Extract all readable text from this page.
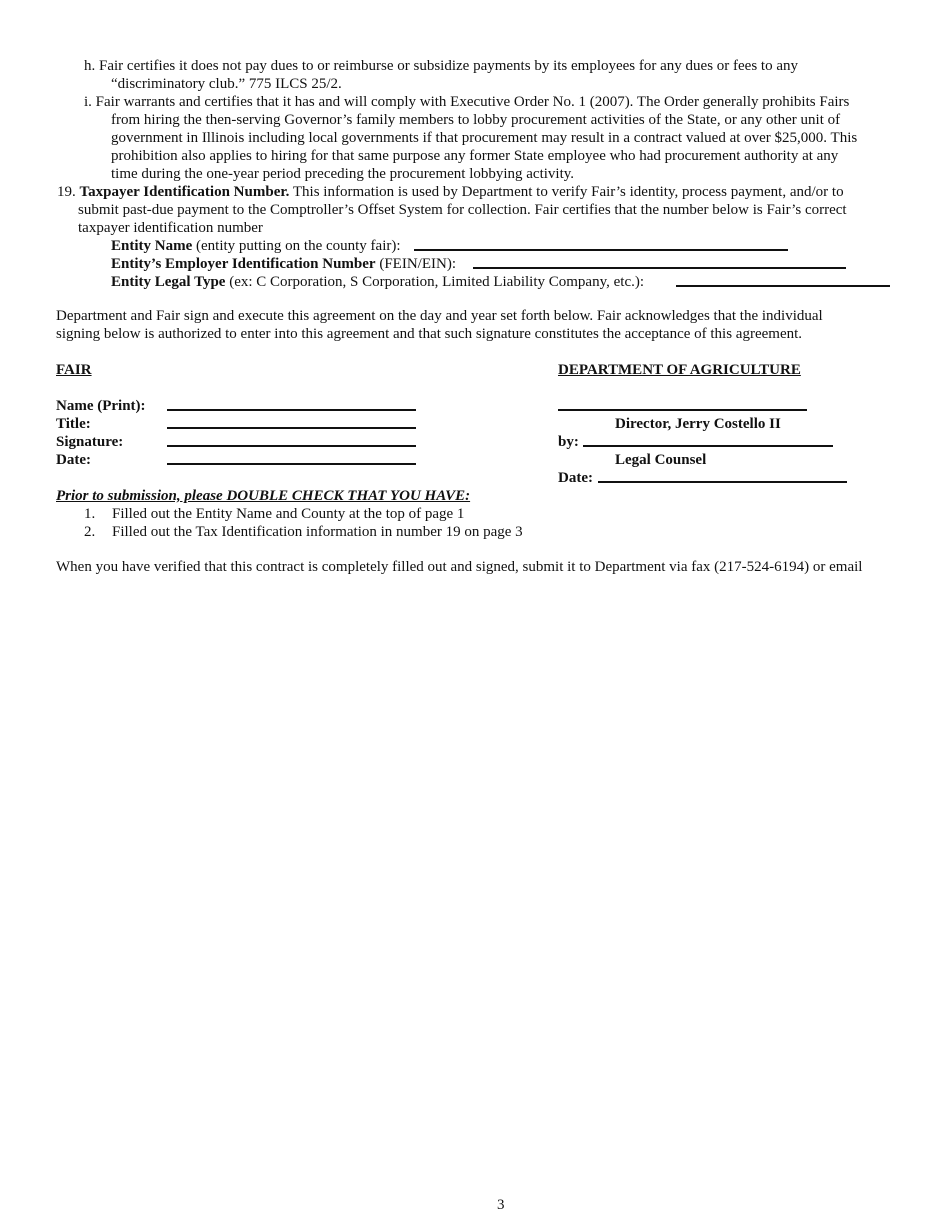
h. Fair certifies it does not pay dues to or reimburse or subsidize payments by its employees for any dues or fees to any
“discriminatory club.” 775 ILCS 25/2.
i. Fair warrants and certifies that it has and will comply with Executive Order No. 1 (2007). The Order generally prohibits Fairs
from hiring the then-serving Governor’s family members to lobby procurement activities of the State, or any other unit of
government in Illinois including local governments if that procurement may result in a contract valued at over $25,000. This
prohibition also applies to hiring for that same purpose any former State employee who had procurement authority at any
time during the one-year period preceding the procurement lobbying activity.
19. Taxpayer Identification Number. This information is used by Department to verify Fair’s identity, process payment, and/or to
submit past-due payment to the Comptroller’s Offset System for collection. Fair certifies that the number below is Fair’s correct
taxpayer identification number
Entity Name (entity putting on the county fair):
Entity’s Employer Identification Number (FEIN/EIN):
Entity Legal Type (ex: C Corporation, S Corporation, Limited Liability Company, etc.):
Department and Fair sign and execute this agreement on the day and year set forth below. Fair acknowledges that the individual
signing below is authorized to enter into this agreement and that such signature constitutes the acceptance of this agreement.
FAIR	DEPARTMENT OF AGRICULTURE
Name (Print):
Title:
Signature:
Date:
Director, Jerry Costello II
by:
Legal Counsel
Date:
Prior to submission, please DOUBLE CHECK THAT YOU HAVE:
1. Filled out the Entity Name and County at the top of page 1
2. Filled out the Tax Identification information in number 19 on page 3
When you have verified that this contract is completely filled out and signed, submit it to Department via fax (217-524-6194) or email
3
